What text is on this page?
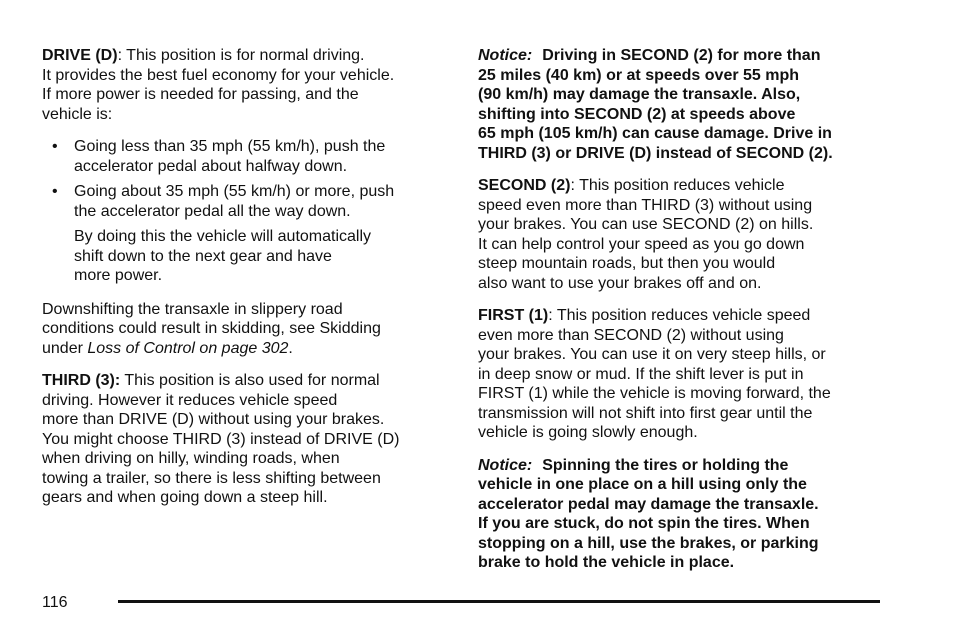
DRIVE (D): This position is for normal driving.
It provides the best fuel economy for your vehicle.
If more power is needed for passing, and the
vehicle is:

• Going less than 35 mph (55 km/h), push the
accelerator pedal about halfway down.
• Going about 35 mph (55 km/h) or more, push
the accelerator pedal all the way down.

By doing this the vehicle will automatically
shift down to the next gear and have
more power.

Downshifting the transaxle in slippery road
conditions could result in skidding, see Skidding
under Loss of Control on page 302.

THIRD (3): This position is also used for normal
driving. However it reduces vehicle speed
more than DRIVE (D) without using your brakes.
You might choose THIRD (3) instead of DRIVE (D)
when driving on hilly, winding roads, when
towing a trailer, so there is less shifting between
gears and when going down a steep hill.

Notice: Driving in SECOND (2) for more than
25 miles (40 km) or at speeds over 55 mph
(90 km/h) may damage the transaxle. Also,
shifting into SECOND (2) at speeds above
65 mph (105 km/h) can cause damage. Drive in
THIRD (3) or DRIVE (D) instead of SECOND (2).

SECOND (2): This position reduces vehicle
speed even more than THIRD (3) without using
your brakes. You can use SECOND (2) on hills.
It can help control your speed as you go down
steep mountain roads, but then you would
also want to use your brakes off and on.

FIRST (1): This position reduces vehicle speed
even more than SECOND (2) without using
your brakes. You can use it on very steep hills, or
in deep snow or mud. If the shift lever is put in
FIRST (1) while the vehicle is moving forward, the
transmission will not shift into first gear until the
vehicle is going slowly enough.

Notice: Spinning the tires or holding the
vehicle in one place on a hill using only the
accelerator pedal may damage the transaxle.
If you are stuck, do not spin the tires. When
stopping on a hill, use the brakes, or parking
brake to hold the vehicle in place.

116
